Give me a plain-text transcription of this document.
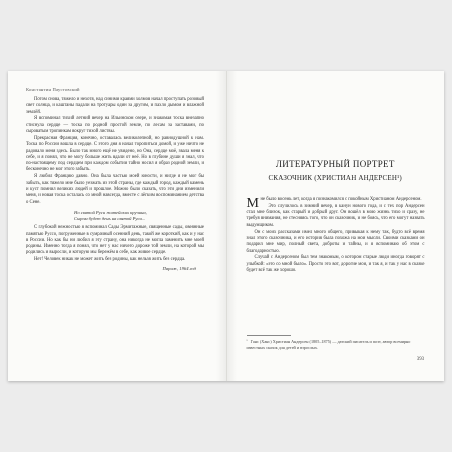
Константин Паустовский

Потом снова, тяжело и нехотя, над синими краями холмов начал проступать розовый свет солнца, и каштаны падали на тротуары один за другим, и пахло дымом и влажной землёй.

Я вспоминал тихий летний вечер на Ильинском озере, и знакомая тоска внезапно стиснула сердце — тоска по родной простой земле, по лесам за заставами, по сыроватым тропинкам вокруг тихой листвы.

Прекрасная Франция, конечно, оставалась великолепной, но равнодушной к нам. Тоска по России вошла в сердце. С этого дня я начал торопиться домой, и уже ничто не радовало меня здесь. Было так много ещё не увидено, но Она, сердце моё, звала меня к себе, и я понял, что не могу больше жить вдали от неё. Но в глубине души я знал, что по-настоящему под сердцем при каждом событии тайно носил я образ родной земли, и бесконечно не мог этого забыть.

Я любил Францию давно. Она была частью моей юности, и нигде я не мог бы забыть, как тяжело мне было уезжать из этой страны, где каждый город, каждый камень и куст помнил великих людей и прошлое. Можно было сказать, что эти дни изменили меня, и новая тоска осталась со мной навсегда, вместе с лёгким воспоминанием детства о Сене.

Но святой Руси житейских кручина,
Сыром будет день на святой Руси...

С глубокой нежностью я вспоминал Сады Эрмитажные, священные сады, овеянные памятью Руссо, погруженные в сумрачный осенний день, такой же короткий, как и у нас в России. Но как бы ни любил я эту страну, она никогда не могла заменить мне моей родины. Именно тогда я понял, что нет у нас ничего дороже той земли, на которой мы родились и выросли, и которую мы бережём в себе, как живое сердце.

Нет! Человек никак не может жить без родины, как нельзя жить без сердца.

Париж, 1964 год
ЛИТЕРАТУРНЫЙ ПОРТРЕТ
СКАЗОЧНИК (ХРИСТИАН АНДЕРСЕН¹)

Мне было восемь лет, когда я познакомился с покойным Христианом Андерсеном.

Это случилось в зимний вечер, в канун нового года, и с тех пор Андерсен стал мне близок, как старый и добрый друг. Он вошёл в мою жизнь тихо и сразу, не требуя внимания, не стесняясь того, что он сказочник, и не боясь, что его могут назвать выдумщиком.

Он с моих рассказами имел много общего, привыкая к нему так, будто всё время знал этого сказочника, и его история была похожа на мои мысли. Своими сказками он подарил мне мир, полный света, доброты и тайны, и я вспоминаю об этом с благодарностью.

Случай с Андерсеном был тем знакомым, о котором старые люди иногда говорят с улыбкой: «это со мной было». Просто это вот, дорогие мои, и так я, и так у нас в сказке будет всё так же хорошо.

¹ Ганс (Ханс) Христиан Андерсен (1805–1875) — датский писатель и поэт, автор всемирно известных сказок для детей и взрослых.
393
